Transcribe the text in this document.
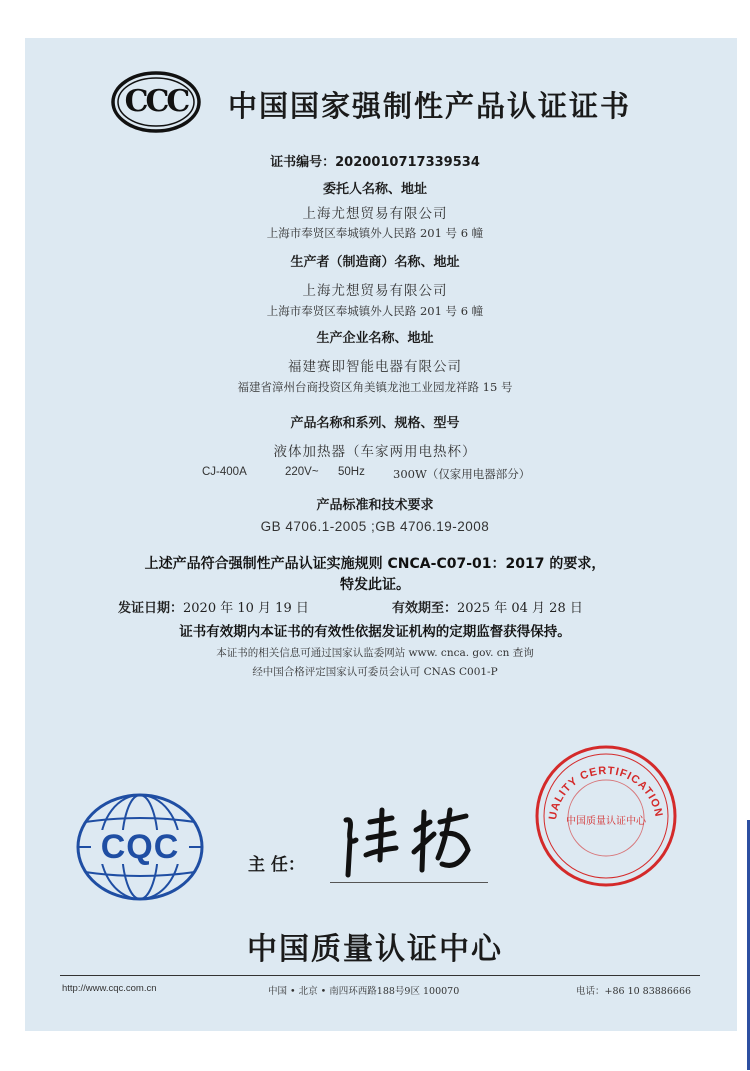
CCC	中国国家强制性产品认证证书
证书编号：2020010717339534
委托人名称、地址
上海尤想贸易有限公司
上海市奉贤区奉城镇外人民路 201 号 6 幢
生产者（制造商）名称、地址
上海尤想贸易有限公司
上海市奉贤区奉城镇外人民路 201 号 6 幢
生产企业名称、地址
福建赛即智能电器有限公司
福建省漳州台商投资区角美镇龙池工业园龙祥路 15 号
产品名称和系列、规格、型号
液体加热器（车家两用电热杯）
CJ-400A	220V~ 50Hz 300W（仅家用电器部分）
产品标准和技术要求
GB 4706.1-2005 ;GB 4706.19-2008
上述产品符合强制性产品认证实施规则 CNCA-C07-01：2017 的要求，
特发此证。
发证日期：2020 年 10 月 19 日	有效期至：2025 年 04 月 28 日
证书有效期内本证书的有效性依据发证机构的定期监督获得保持。
本证书的相关信息可通过国家认监委网站 www. cnca. gov. cn 查询
经中国合格评定国家认可委员会认可 CNAS C001-P
CQC	主 任：
UALITY CERTIFICATION
中国质量认证中心
中国质量认证中心
http://www.cqc.com.cn	中国 • 北京 • 南四环西路188号9区 100070	电话：+86 10 83886666
